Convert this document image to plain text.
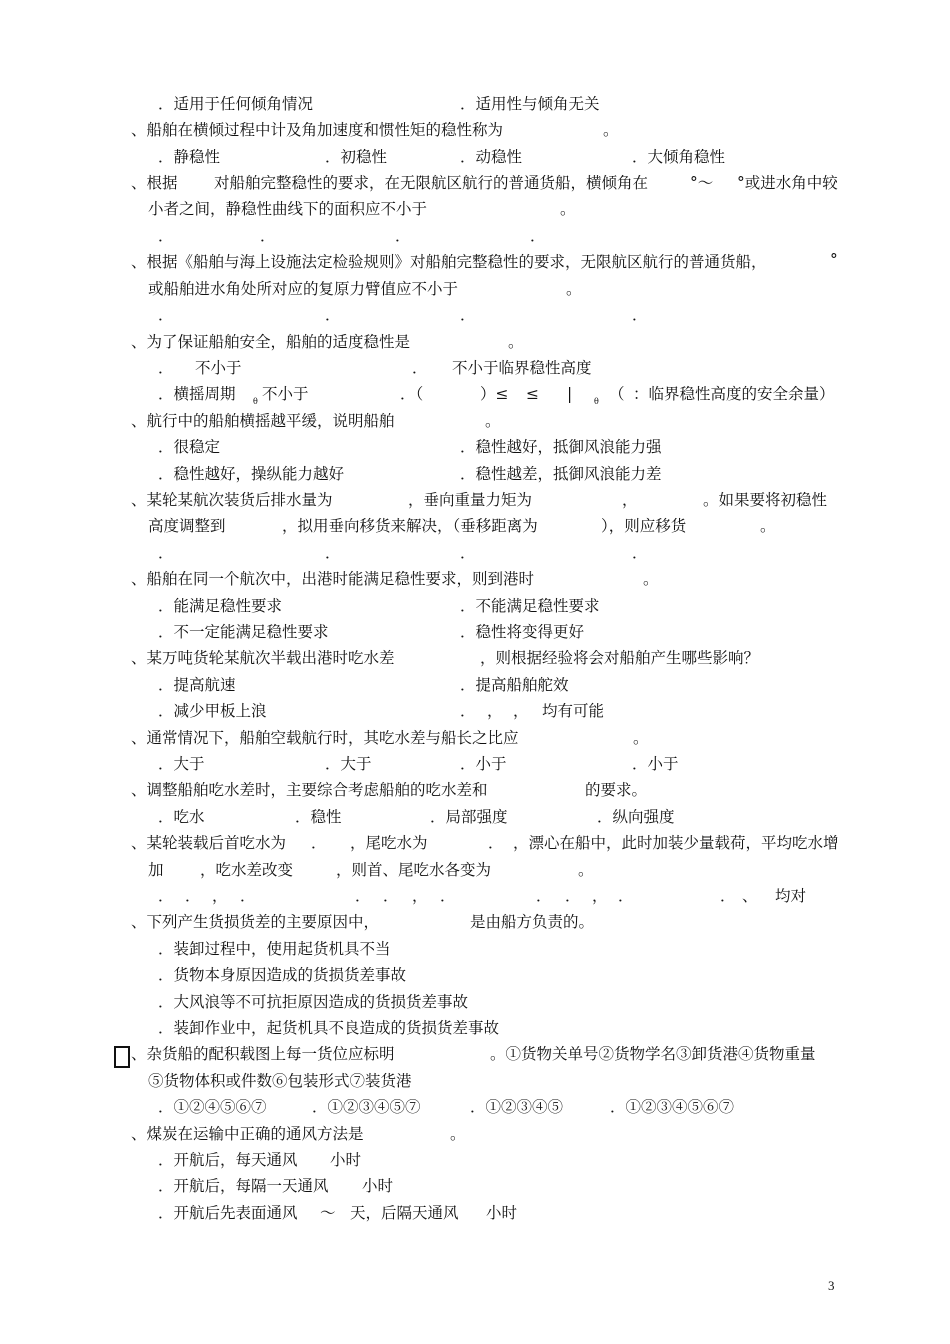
3
．适用于任何倾角情况	．适用性与倾角无关
、船舶在横倾过程中计及角加速度和惯性矩的稳性称为	。
．静稳性	．初稳性	．动稳性	．大倾角稳性
、根据 对船舶完整稳性的要求，在无限航区航行的普通货船，横倾角在	°～ °或进水角中较
小者之间，静稳性曲线下的面积应不小于	。
．	．	．	．
、根据《船舶与海上设施法定检验规则》对船舶完整稳性的要求，无限航区航行的普通货船，	°
或船舶进水角处所对应的复原力臂值应不小于	。
．	．	．	．
、为了保证船舶安全，船舶的适度稳性是	。
． 不小于	． 不小于临界稳性高度
．横摇周期 不小于	．（	）≤ ≤ | （ ：临界稳性高度的安全余量）
、航行中的船舶横摇越平缓，说明船舶	。
．很稳定	．稳性越好，抵御风浪能力强
．稳性越好，操纵能力越好	．稳性越差，抵御风浪能力差
、某轮某航次装货后排水量为	，垂向重量力矩为	，	。如果要将初稳性
高度调整到	，拟用垂向移货来解决，（垂移距离为	），则应移货	。
．	．	．	．
、船舶在同一个航次中，出港时能满足稳性要求，则到港时	。
．能满足稳性要求	．不能满足稳性要求
．不一定能满足稳性要求	．稳性将变得更好
、某万吨货轮某航次半载出港时吃水差	，则根据经验将会对船舶产生哪些影响？
．提高航速	．提高船舶舵效
．减少甲板上浪	． ， ， 均有可能
、通常情况下，船舶空载航行时，其吃水差与船长之比应	。
．大于	．大于	．小于	．小于
、调整船舶吃水差时，主要综合考虑船舶的吃水差和	的要求。
．吃水	．稳性	．局部强度	．纵向强度
、某轮装载后首吃水为 ． ，尾吃水为	． ，漂心在船中，此时加装少量载荷，平均吃水增
加 ，吃水差改变	，则首、尾吃水各变为	。
． ． ， ．	． ． ， ．	． ． ， ．	． 、 均对
、下列产生货损货差的主要原因中，	是由船方负责的。
．装卸过程中，使用起货机具不当
．货物本身原因造成的货损货差事故
．大风浪等不可抗拒原因造成的货损货差事故
．装卸作业中，起货机具不良造成的货损货差事故
、杂货船的配积载图上每一货位应标明	。①货物关单号②货物学名③卸货港④货物重量
⑤货物体积或件数⑥包装形式⑦装货港
．①②④⑤⑥⑦	．①②③④⑤⑦	．①②③④⑤	．①②③④⑤⑥⑦
、煤炭在运输中正确的通风方法是	。
．开航后，每天通风 小时
．开航后，每隔一天通风 小时
．开航后先表面通风 ～ 天，后隔天通风 小时
θ	θ
